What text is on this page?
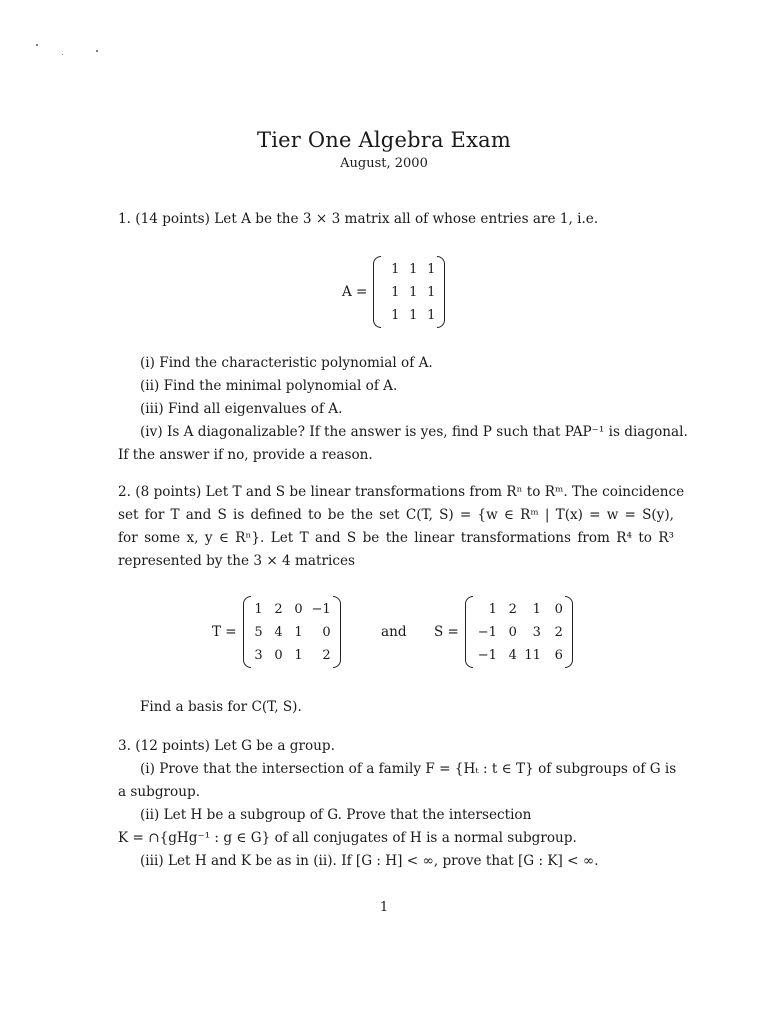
Tier One Algebra Exam
August, 2000
1. (14 points) Let A be the 3 × 3 matrix all of whose entries are 1, i.e.
A =
1	1	1
1	1	1
1	1	1
(i) Find the characteristic polynomial of A.
(ii) Find the minimal polynomial of A.
(iii) Find all eigenvalues of A.
(iv) Is A diagonalizable? If the answer is yes, find P such that PAP⁻¹ is diagonal.
If the answer if no, provide a reason.
2. (8 points) Let T and S be linear transformations from Rⁿ to Rᵐ. The coincidence
set for T and S is defined to be the set C(T, S) = {w ∈ Rᵐ | T(x) = w = S(y),
for some x, y ∈ Rⁿ}. Let T and S be the linear transformations from R⁴ to R³
represented by the 3 × 4 matrices
T =
1	2	0	−1
5	4	1	0
3	0	1	2
and S =
1	2	1	0
−1	0	3	2
−1	4	11	6
Find a basis for C(T, S).
3. (12 points) Let G be a group.
(i) Prove that the intersection of a family F = {Hₜ : t ∈ T} of subgroups of G is
a subgroup.
(ii) Let H be a subgroup of G. Prove that the intersection
K = ∩{gHg⁻¹ : g ∈ G} of all conjugates of H is a normal subgroup.
(iii) Let H and K be as in (ii). If [G : H] < ∞, prove that [G : K] < ∞.
1
